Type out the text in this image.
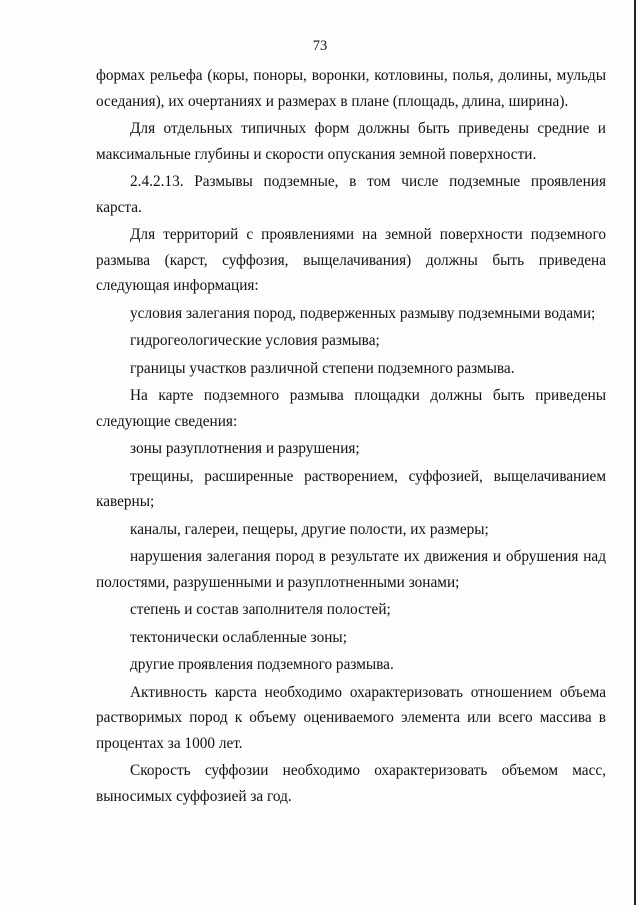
73

формах рельефа (коры, поноры, воронки, котловины, полья, долины, мульды оседания), их очертаниях и размерах в плане (площадь, длина, ширина).

Для отдельных типичных форм должны быть приведены средние и максимальные глубины и скорости опускания земной поверхности.

2.4.2.13. Размывы подземные, в том числе подземные проявления карста.

Для территорий с проявлениями на земной поверхности подземного размыва (карст, суффозия, выщелачивания) должны быть приведена следующая информация:

условия залегания пород, подверженных размыву подземными водами;

гидрогеологические условия размыва;

границы участков различной степени подземного размыва.

На карте подземного размыва площадки должны быть приведены следующие сведения:

зоны разуплотнения и разрушения;

трещины, расширенные растворением, суффозией, выщелачиванием каверны;

каналы, галереи, пещеры, другие полости, их размеры;

нарушения залегания пород в результате их движения и обрушения над полостями, разрушенными и разуплотненными зонами;

степень и состав заполнителя полостей;

тектонически ослабленные зоны;

другие проявления подземного размыва.

Активность карста необходимо охарактеризовать отношением объема растворимых пород к объему оцениваемого элемента или всего массива в процентах за 1000 лет.

Скорость суффозии необходимо охарактеризовать объемом масс, выносимых суффозией за год.
